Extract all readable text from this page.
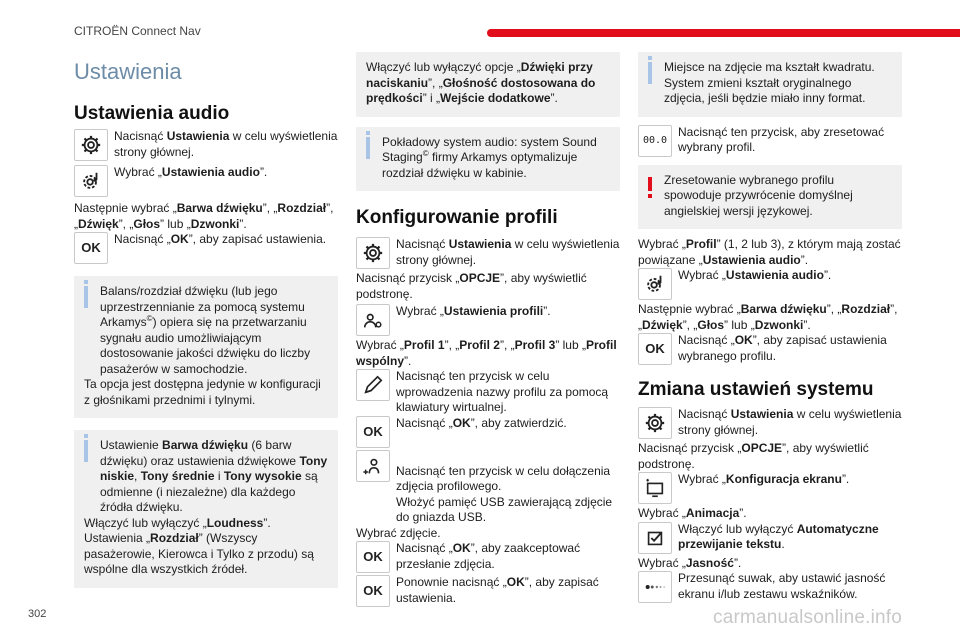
CITROËN Connect Nav
Ustawienia
Ustawienia audio
Nacisnąć Ustawienia w celu wyświetlenia strony głównej.
Wybrać „Ustawienia audio”.
Następnie wybrać „Barwa dźwięku”, „Rozdział”, „Dźwięk”, „Głos” lub „Dzwonki”.
OK
Nacisnąć „OK”, aby zapisać ustawienia.
Balans/rozdział dźwięku (lub jego uprzestrzennianie za pomocą systemu Arkamys©) opiera się na przetwarzaniu sygnału audio umożliwiającym dostosowanie jakości dźwięku do liczby pasażerów w samochodzie.
Ta opcja jest dostępna jedynie w konfiguracji z głośnikami przednimi i tylnymi.
Ustawienie Barwa dźwięku (6 barw dźwięku) oraz ustawienia dźwiękowe Tony niskie, Tony średnie i Tony wysokie są odmienne (i niezależne) dla każdego źródła dźwięku.
Włączyć lub wyłączyć „Loudness”.
Ustawienia „Rozdział” (Wszyscy pasażerowie, Kierowca i Tylko z przodu) są wspólne dla wszystkich źródeł.
Włączyć lub wyłączyć opcje „Dźwięki przy naciskaniu”, „Głośność dostosowana do prędkości” i „Wejście dodatkowe”.
Pokładowy system audio: system Sound Staging© firmy Arkamys optymalizuje rozdział dźwięku w kabinie.
Konfigurowanie profili
Nacisnąć Ustawienia w celu wyświetlenia strony głównej.
Nacisnąć przycisk „OPCJE”, aby wyświetlić podstronę.
Wybrać „Ustawienia profili”.
Wybrać „Profil 1”, „Profil 2”, „Profil 3” lub „Profil wspólny”.
Nacisnąć ten przycisk w celu wprowadzenia nazwy profilu za pomocą klawiatury wirtualnej.
OK
Nacisnąć „OK”, aby zatwierdzić.
Nacisnąć ten przycisk w celu dołączenia zdjęcia profilowego.
Włożyć pamięć USB zawierającą zdjęcie do gniazda USB.
Wybrać zdjęcie.
OK
Nacisnąć „OK”, aby zaakceptować przesłanie zdjęcia.
OK
Ponownie nacisnąć „OK”, aby zapisać ustawienia.
Miejsce na zdjęcie ma kształt kwadratu. System zmieni kształt oryginalnego zdjęcia, jeśli będzie miało inny format.
00.0
Nacisnąć ten przycisk, aby zresetować wybrany profil.
Zresetowanie wybranego profilu spowoduje przywrócenie domyślnej angielskiej wersji językowej.
Wybrać „Profil” (1, 2 lub 3), z którym mają zostać powiązane „Ustawienia audio”.
Wybrać „Ustawienia audio”.
Następnie wybrać „Barwa dźwięku”, „Rozdział”, „Dźwięk”, „Głos” lub „Dzwonki”.
OK
Nacisnąć „OK”, aby zapisać ustawienia wybranego profilu.
Zmiana ustawień systemu
Nacisnąć Ustawienia w celu wyświetlenia strony głównej.
Nacisnąć przycisk „OPCJE”, aby wyświetlić podstronę.
Wybrać „Konfiguracja ekranu”.
Wybrać „Animacja”.
Włączyć lub wyłączyć Automatyczne przewijanie tekstu.
Wybrać „Jasność”.
Przesunąć suwak, aby ustawić jasność ekranu i/lub zestawu wskaźników.
302	carmanualsonline.info
